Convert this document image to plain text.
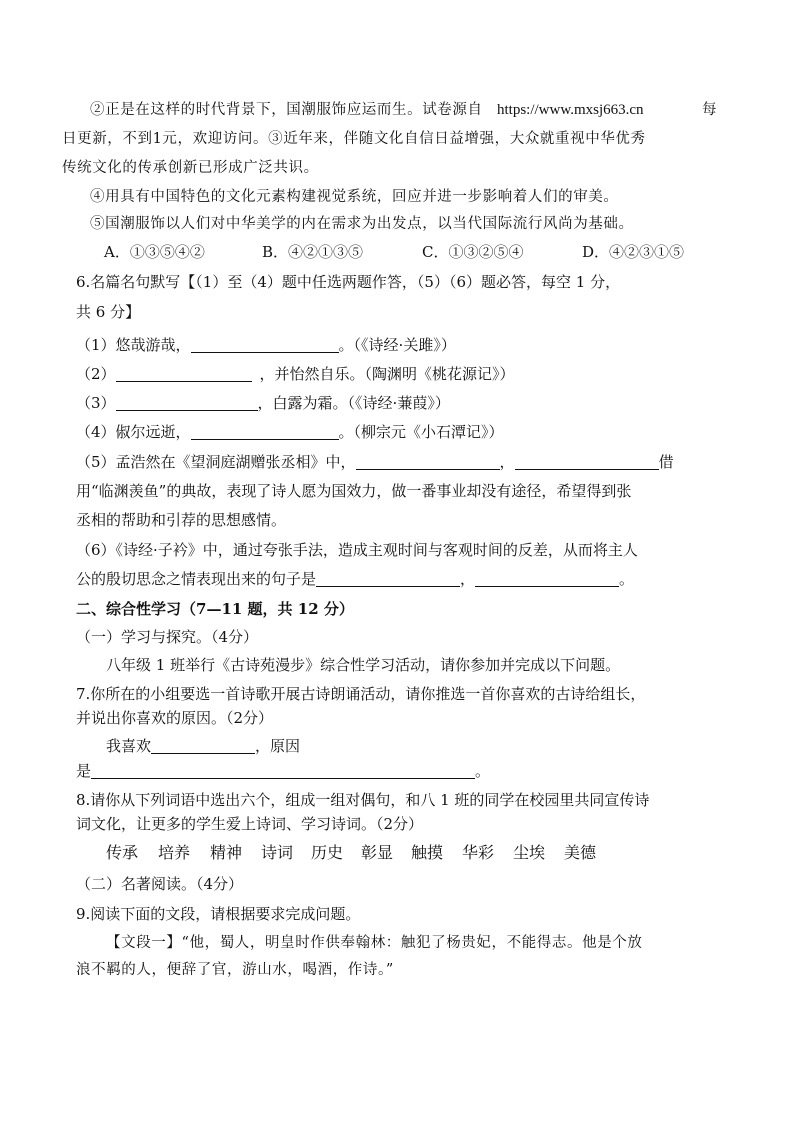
②正是在这样的时代背景下，国潮服饰应运而生。试卷源自 https://www.mxsj663.cn	每
日更新，不到1元，欢迎访问。③近年来，伴随文化自信日益增强，大众就重视中华优秀
传统文化的传承创新已形成广泛共识。
④用具有中国特色的文化元素构建视觉系统，回应并进一步影响着人们的审美。
⑤国潮服饰以人们对中华美学的内在需求为出发点，以当代国际流行风尚为基础。
A．①③⑤④②	B．④②①③⑤	C．①③②⑤④	D．④②③①⑤
6.名篇名句默写【（1）至（4）题中任选两题作答，（5）（6）题必答，每空 1 分，
共 6 分】
（1）悠哉游哉，	。（《诗经·关雎》）
（2）	，并怡然自乐。（陶渊明《桃花源记》）
（3）	，白露为霜。（《诗经·蒹葭》）
（4）俶尔远逝，	。（柳宗元《小石潭记》）
（5）孟浩然在《望洞庭湖赠张丞相》中，	，	借
用“临渊羡鱼”的典故，表现了诗人愿为国效力，做一番事业却没有途径，希望得到张
丞相的帮助和引荐的思想感情。
（6）《诗经·子衿》中，通过夸张手法，造成主观时间与客观时间的反差，从而将主人
公的殷切思念之情表现出来的句子是	，	。
二、综合性学习（7—11 题，共 12 分）
（一）学习与探究。（4分）
八年级 1 班举行《古诗苑漫步》综合性学习活动，请你参加并完成以下问题。
7.你所在的小组要选一首诗歌开展古诗朗诵活动，请你推选一首你喜欢的古诗给组长，
并说出你喜欢的原因。（2分）
我喜欢	，原因
是	。
8.请你从下列词语中选出六个，组成一组对偶句，和八 1 班的同学在校园里共同宣传诗
词文化，让更多的学生爱上诗词、学习诗词。（2分）
传承 培养 精神 诗词 历史 彰显 触摸 华彩 尘埃 美德
（二）名著阅读。（4分）
9.阅读下面的文段，请根据要求完成问题。
【文段一】“他，蜀人，明皇时作供奉翰林：触犯了杨贵妃，不能得志。他是个放
浪不羁的人，便辞了官，游山水，喝酒，作诗。”
